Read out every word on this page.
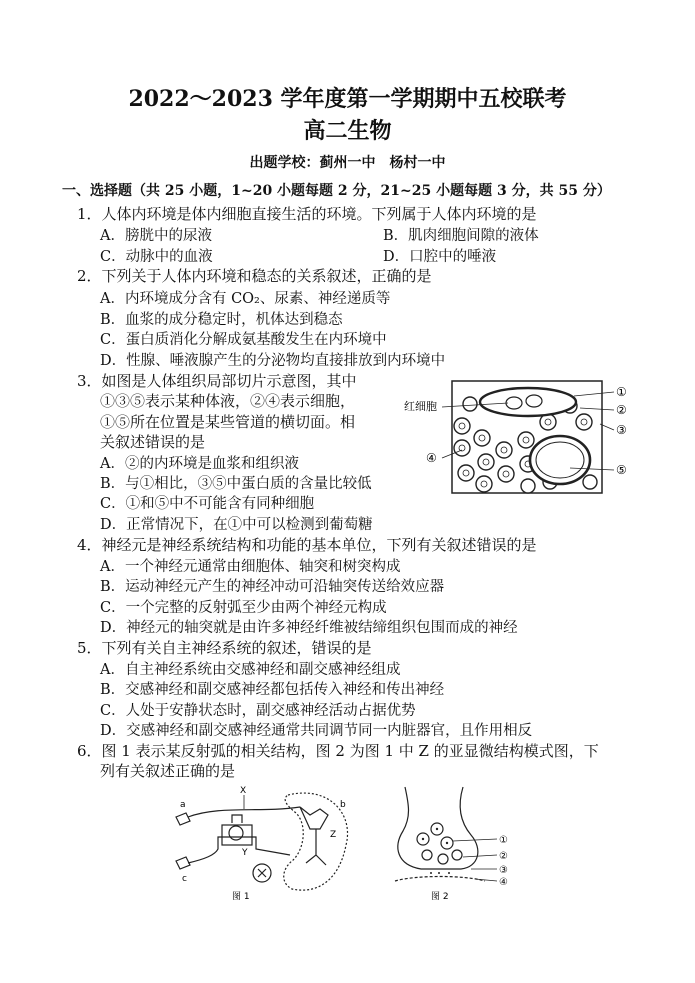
2022～2023 学年度第一学期期中五校联考
高二生物
出题学校：蓟州一中　杨村一中
一、选择题（共 25 小题，1~20 小题每题 2 分，21~25 小题每题 3 分，共 55 分）
1．人体内环境是体内细胞直接生活的环境。下列属于人体内环境的是
A．膀胱中的尿液	B．肌肉细胞间隙的液体
C．动脉中的血液	D．口腔中的唾液
2．下列关于人体内环境和稳态的关系叙述，正确的是
A．内环境成分含有 CO₂、尿素、神经递质等
B．血浆的成分稳定时，机体达到稳态
C．蛋白质消化分解成氨基酸发生在内环境中
D．性腺、唾液腺产生的分泌物均直接排放到内环境中
3．如图是人体组织局部切片示意图，其中
①③⑤表示某种体液，②④表示细胞，
①⑤所在位置是某些管道的横切面。相
关叙述错误的是
A．②的内环境是血浆和组织液
B．与①相比，③⑤中蛋白质的含量比较低
C．①和⑤中不可能含有同种细胞
D．正常情况下，在①中可以检测到葡萄糖
红细胞
①
②
③
④
⑤
4．神经元是神经系统结构和功能的基本单位，下列有关叙述错误的是
A．一个神经元通常由细胞体、轴突和树突构成
B．运动神经元产生的神经冲动可沿轴突传送给效应器
C．一个完整的反射弧至少由两个神经元构成
D．神经元的轴突就是由许多神经纤维被结缔组织包围而成的神经
5．下列有关自主神经系统的叙述，错误的是
A．自主神经系统由交感神经和副交感神经组成
B．交感神经和副交感神经都包括传入神经和传出神经
C．人处于安静状态时，副交感神经活动占据优势
D．交感神经和副交感神经通常共同调节同一内脏器官，且作用相反
6．图 1 表示某反射弧的相关结构，图 2 为图 1 中 Z 的亚显微结构模式图，下
列有关叙述正确的是
a
X
b
Y
Z
c
图 1
①
②
③
④
图 2
